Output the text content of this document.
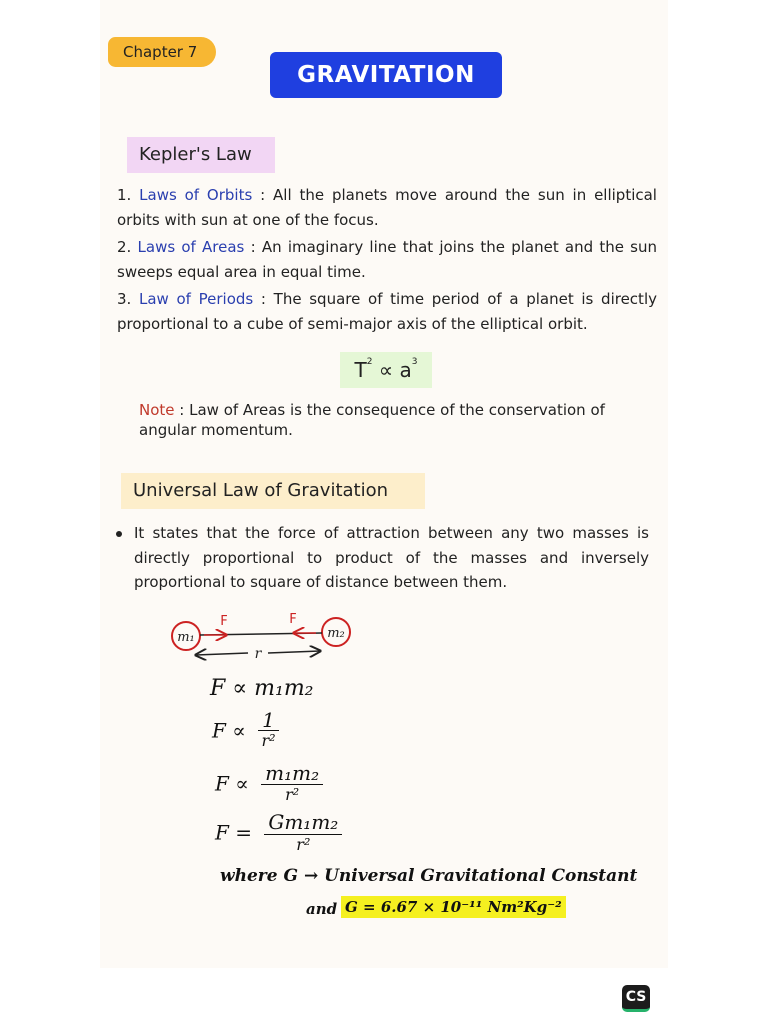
Chapter 7
GRAVITATION
Kepler's Law
1. Laws of Orbits : All the planets move around the sun in elliptical orbits with sun at one of the focus.
2. Laws of Areas : An imaginary line that joins the planet and the sun sweeps equal area in equal time.
3. Law of Periods : The square of time period of a planet is directly proportional to a cube of semi-major axis of the elliptical orbit.
$T^2 \propto a^3$
Note : Law of Areas is the consequence of the conservation of angular momentum.
Universal Law of Gravitation
It states that the force of attraction between any two masses is directly proportional to product of the masses and inversely proportional to square of distance between them.
m₁	m₂
F	F
r
F ∝ m₁m₂
F ∝ 1
r²
F ∝ m₁m₂
r²
F = Gm₁m₂
r²
where G → Universal Gravitational Constant
and G = 6.67 × 10⁻¹¹ Nm²Kg⁻²
CS
